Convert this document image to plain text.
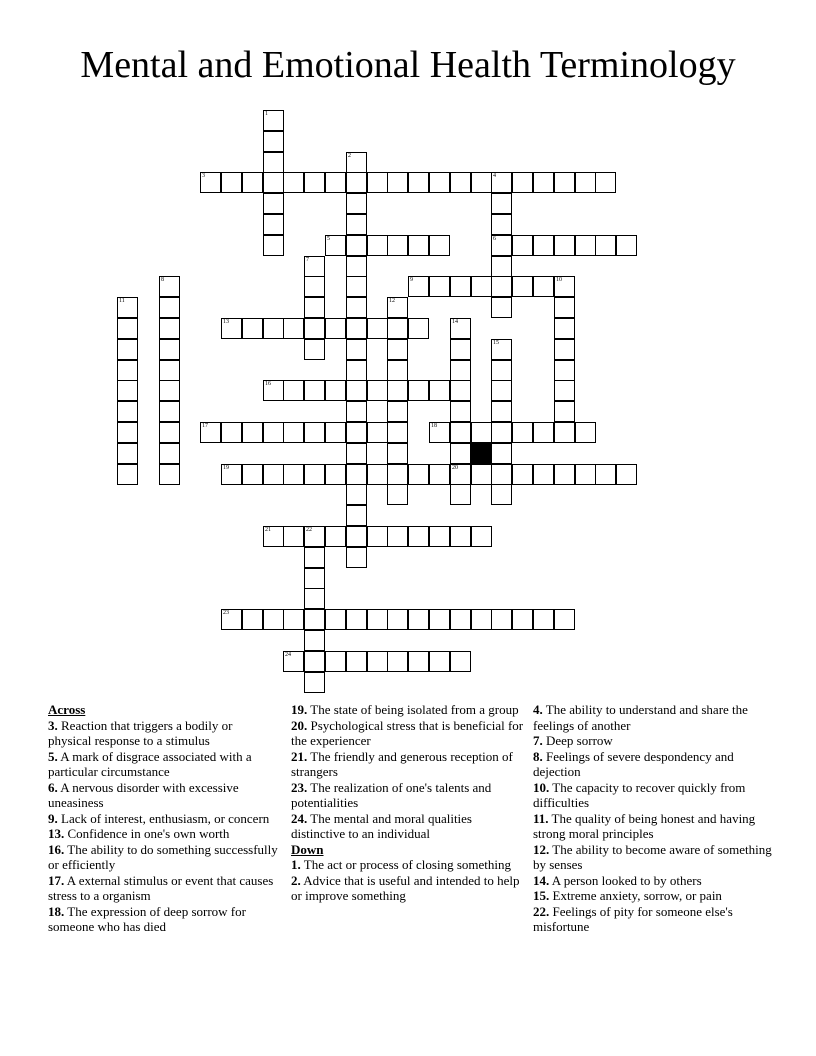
Mental and Emotional Health Terminology
1
2
3	4
6
5
7
8	9	10
11	12
13	14
20
15
16
17	18
19
21	22
23
24

Across

3. Reaction that triggers a bodily or physical response to a stimulus

5. A mark of disgrace associated with a particular circumstance

6. A nervous disorder with excessive uneasiness

9. Lack of interest, enthusiasm, or concern

13. Confidence in one's own worth

16. The ability to do something successfully or efficiently

17. A external stimulus or event that causes stress to a organism

18. The expression of deep sorrow for someone who has died

19. The state of being isolated from a group

20. Psychological stress that is beneficial for the experiencer

21. The friendly and generous reception of strangers

23. The realization of one's talents and potentialities

24. The mental and moral qualities distinctive to an individual

Down

1. The act or process of closing something

2. Advice that is useful and intended to help or improve something

4. The ability to understand and share the feelings of another

7. Deep sorrow

8. Feelings of severe despondency and dejection

10. The capacity to recover quickly from difficulties

11. The quality of being honest and having strong moral principles

12. The ability to become aware of something by senses

14. A person looked to by others

15. Extreme anxiety, sorrow, or pain

22. Feelings of pity for someone else's misfortune
